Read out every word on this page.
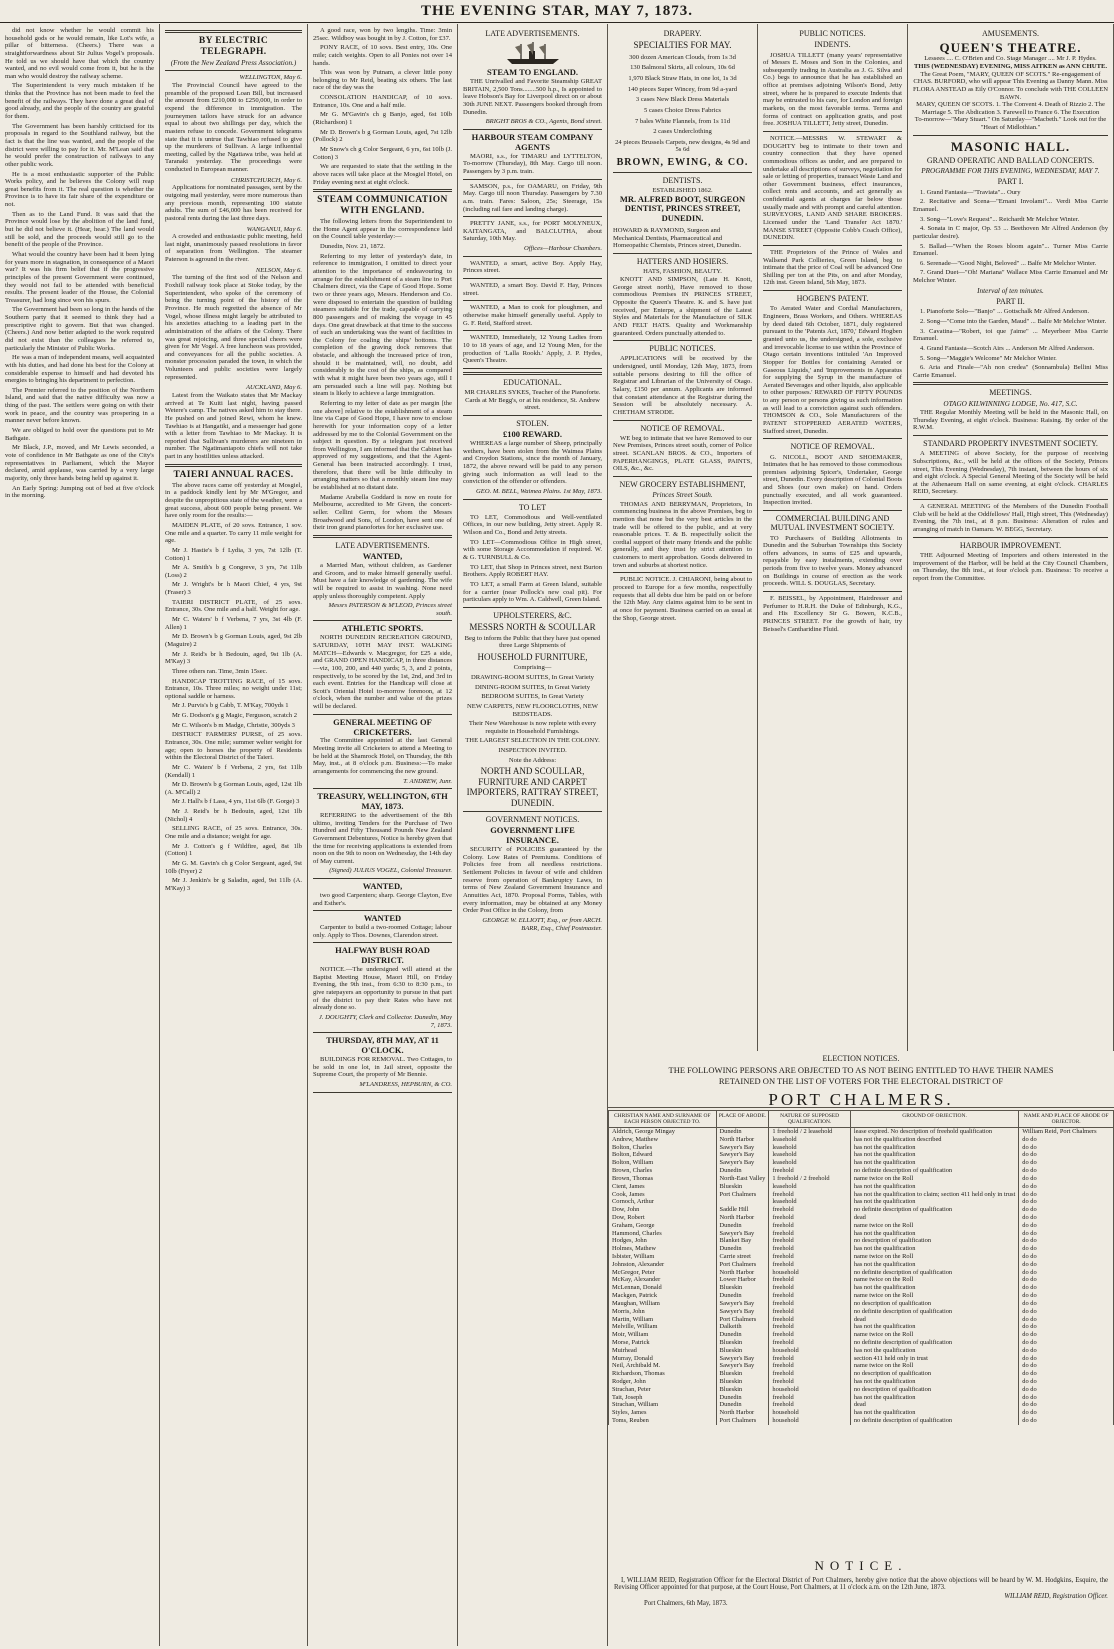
THE EVENING STAR, MAY 7, 1873.

did not know whether he would commit his household gods or he would remain, like Lot's wife, a pillar of bitterness. (Cheers.) There was a straightforwardness about Sir Julius Vogel's proposals. He told us we should have that which the country wanted, and no evil would come from it, but he is the man who would destroy the railway scheme.

The Superintendent is very much mistaken if he thinks that the Province has not been made to feel the benefit of the railways. They have done a great deal of good already, and the people of the country are grateful for them.

The Government has been harshly criticised for its proposals in regard to the Southland railway, but the fact is that the line was wanted, and the people of the district were willing to pay for it. Mr. M'Lean said that he would prefer the construction of railways to any other public work.

He is a most enthusiastic supporter of the Public Works policy, and he believes the Colony will reap great benefits from it. The real question is whether the Province is to have its fair share of the expenditure or not.

Then as to the Land Fund. It was said that the Province would lose by the abolition of the land fund, but he did not believe it. (Hear, hear.) The land would still be sold, and the proceeds would still go to the benefit of the people of the Province.

What would the country have been had it been lying for years more in stagnation, in consequence of a Maori war? It was his firm belief that if the progressive principles of the present Government were continued, they would not fail to be attended with beneficial results. The present leader of the House, the Colonial Treasurer, had long since won his spurs.

The Government had been so long in the hands of the Southern party that it seemed to think they had a prescriptive right to govern. But that was changed. (Cheers.) And now better adapted to the work required did not exist than the colleagues he referred to, particularly the Minister of Public Works.

He was a man of independent means, well acquainted with his duties, and had done his best for the Colony at considerable expense to himself and had devoted his energies to bringing his department to perfection.

The Premier referred to the position of the Northern Island, and said that the native difficulty was now a thing of the past. The settlers were going on with their work in peace, and the country was prospering in a manner never before known.

We are obliged to hold over the questions put to Mr Bathgate.

Mr Black, J.P., moved, and Mr Lewis seconded, a vote of confidence in Mr Bathgate as one of the City's representatives in Parliament, which the Mayor declared, amid applause, was carried by a very large majority, only three hands being held up against it.

An Early Spring: Jumping out of bed at five o'clock in the morning.

BY ELECTRIC TELEGRAPH.
(From the New Zealand Press Association.)
WELLINGTON, May 6.

The Provincial Council have agreed to the preamble of the proposed Loan Bill, but increased the amount from £210,000 to £250,000, in order to expend the difference in immigration. The journeymen tailors have struck for an advance equal to about two shillings per day, which the masters refuse to concede. Government telegrams state that it is untrue that Tawhiao refused to give up the murderers of Sullivan. A large influential meeting, called by the Ngatiawa tribe, was held at Taranaki yesterday. The proceedings were conducted in European manner.

CHRISTCHURCH, May 6.

Applications for nominated passages, sent by the outgoing mail yesterday, were more numerous than any previous month, representing 100 statute adults. The sum of £46,000 has been received for pastoral rents during the last three days.

WANGANUI, May 6.

A crowded and enthusiastic public meeting, held last night, unanimously passed resolutions in favor of separation from Wellington. The steamer Paterson is aground in the river.

NELSON, May 6.

The turning of the first sod of the Nelson and Foxhill railway took place at Stoke today, by the Superintendent, who spoke of the ceremony of being the turning point of the history of the Province. He much regretted the absence of Mr Vogel, whose illness might largely be attributed to his anxieties attaching to a leading part in the administration of the affairs of the Colony. There was great rejoicing, and three special cheers were given for Mr Vogel. A free luncheon was provided, and conveyances for all the public societies. A monster procession paraded the town, in which the Volunteers and public societies were largely represented.

AUCKLAND, May 6.

Latest from the Waikato states that Mr Mackay arrived at Te Kuiti last night, having passed Wetere's camp. The natives asked him to stay there. He pushed on and joined Rewi, whom he knew. Tawhiao is at Hangatiki, and a messenger had gone with a letter from Tawhiao to Mr Mackay. It is reported that Sullivan's murderers are nineteen in number. The Ngatimaniapoto chiefs will not take part in any hostilities unless attacked.

TAIERI ANNUAL RACES.

The above races came off yesterday at Mosgiel, in a paddock kindly lent by Mr M'Gregor, and despite the unpropitious state of the weather, were a great success, about 600 people being present. We have only room for the results:—

MAIDEN PLATE, of 20 sovs. Entrance, 1 sov. One mile and a quarter. To carry 11 mile weight for age.

Mr J. Hastie's b f Lydia, 3 yrs, 7st 12lb (T. Cotton) 1

Mr A. Smith's b g Congreve, 3 yrs, 7st 11lb (Loss) 2

Mr J. Wright's br h Maori Chief, 4 yrs, 9st (Fraser) 3

TAIERI DISTRICT PLATE, of 25 sovs. Entrance, 30s. One mile and a half. Weight for age.

Mr C. Waters' b f Verbena, 7 yrs, 3st 4lb (F. Allen) 1

Mr D. Brown's b g Gorman Louis, aged, 9st 2lb (Maguire) 2

Mr J. Reid's br h Bedouin, aged, 9st 1lb (A. M'Kay) 3

Three others ran. Time, 3min 15sec.

HANDICAP TROTTING RACE, of 15 sovs. Entrance, 10s. Three miles; no weight under 11st; optional saddle or harness.

Mr J. Purvis's b g Cabb, T. M'Kay, 700yds 1

Mr G. Dodson's g g Magic, Ferguson, scratch 2

Mr C. Wilson's b m Madge, Christie, 300yds 3

DISTRICT FARMERS' PURSE, of 25 sovs. Entrance, 30s. One mile; summer welter weight for age; open to horses the property of Residents within the Electoral District of the Taieri.

Mr C. Waters' b f Verbena, 2 yrs, 6st 11lb (Kendall) 1

Mr D. Brown's b g Gorman Louis, aged, 12st 1lb (A. M'Call) 2

Mr J. Hall's b f Lass, 4 yrs, 11st 6lb (F. Gorge) 3

Mr J. Reid's br h Bedouin, aged, 12st 1lb (Nichol) 4

SELLING RACE, of 25 sovs. Entrance, 30s. One mile and a distance; weight for age.

Mr J. Cotton's g f Wildfire, aged, 8st 1lb (Cotton) 1

Mr G. M. Gavin's ch g Color Sergeant, aged, 9st 10lb (Fryer) 2

Mr J. Jenkin's br g Saladin, aged, 9st 11lb (A. M'Kay) 3

A good race, won by two lengths. Time: 3min 25sec. Wildboy was bought in by J. Cotton, for £37.

PONY RACE, of 10 sovs. Best entry, 10s. One mile; catch weights. Open to all Ponies not over 14 hands.

This was won by Putnam, a clever little pony belonging to Mr Reid, beating six others. The last race of the day was the

CONSOLATION HANDICAP, of 10 sovs. Entrance, 10s. One and a half mile.

Mr G. M'Gavin's ch g Banjo, aged, 6st 10lb (Richardson) 1

Mr D. Brown's b g Gorman Louis, aged, 7st 12lb (Pollock) 2

Mr Snow's ch g Color Sergeant, 6 yrs, 6st 10lb (J. Cotton) 3

We are requested to state that the settling in the above races will take place at the Mosgiel Hotel, on Friday evening next at eight o'clock.

STEAM COMMUNICATION WITH ENGLAND.

The following letters from the Superintendent to the Home Agent appear in the correspondence laid on the Council table yesterday:—

Dunedin, Nov. 21, 1872.

Referring to my letter of yesterday's date, in reference to immigration, I omitted to direct your attention to the importance of endeavouring to arrange for the establishment of a steam line to Port Chalmers direct, via the Cape of Good Hope. Some two or three years ago, Messrs. Henderson and Co. were disposed to entertain the question of building steamers suitable for the trade, capable of carrying 800 passengers and of making the voyage in 45 days. One great drawback at that time to the success of such an undertaking was the want of facilities in the Colony for coaling the ships' bottoms. The completion of the graving dock removes that obstacle, and although the increased price of iron, should it be maintained, will, no doubt, add considerably to the cost of the ships, as compared with what it might have been two years ago, still I am persuaded such a line will pay. Nothing but steam is likely to achieve a large immigration.

Referring to my letter of date as per margin [the one above] relative to the establishment of a steam line via Cape of Good Hope, I have now to enclose herewith for your information copy of a letter addressed by me to the Colonial Government on the subject in question. By a telegram just received from Wellington, I am informed that the Cabinet has approved of my suggestions, and that the Agent-General has been instructed accordingly. I trust, therefore, that there will be little difficulty in arranging matters so that a monthly steam line may be established at no distant date.

Madame Arabella Goddard is now en route for Melbourne, accredited to Mr Given, the concert-seller. Cellini Germ, for whom the Messrs Broadwood and Sons, of London, have sent one of their iron grand pianofortes for her exclusive use.

LATE ADVERTISEMENTS.
WANTED,

a Married Man, without children, as Gardener and Groom, and to make himself generally useful. Must have a fair knowledge of gardening. The wife will be required to assist in washing. None need apply unless thoroughly competent. Apply

Messrs PATERSON & M'LEOD, Princes street south.
ATHLETIC SPORTS.

NORTH DUNEDIN RECREATION GROUND, SATURDAY, 10TH MAY INST. WALKING MATCH—Edwards v. Macgregor, for £25 a side, and GRAND OPEN HANDICAP, in three distances—viz, 100, 200, and 440 yards; 5, 3, and 2 points, respectively, to be scored by the 1st, 2nd, and 3rd in each event. Entries for the Handicap will close at Scott's Oriental Hotel to-morrow forenoon, at 12 o'clock, when the number and value of the prizes will be declared.

GENERAL MEETING OF CRICKETERS.

The Committee appointed at the last General Meeting invite all Cricketers to attend a Meeting to be held at the Shamrock Hotel, on Thursday, the 8th May, inst., at 8 o'clock p.m. Business:—To make arrangements for commencing the new ground.

T. ANDREW, Junr.
TREASURY, WELLINGTON, 6TH MAY, 1873.

REFERRING to the advertisement of the 8th ultimo, inviting Tenders for the Purchase of Two Hundred and Fifty Thousand Pounds New Zealand Government Debentures, Notice is hereby given that the time for receiving applications is extended from noon on the 9th to noon on Wednesday, the 14th day of May current.

(Signed) JULIUS VOGEL, Colonial Treasurer.
WANTED,

two good Carpenters; sharp. George Clayton, Eve and Esther's.

WANTED

Carpenter to build a two-roomed Cottage; labour only. Apply to Thos. Downes, Clarendon street.

HALFWAY BUSH ROAD DISTRICT.

NOTICE.—The undersigned will attend at the Baptist Meeting House, Maori Hill, on Friday Evening, the 9th inst., from 6:30 to 8:30 p.m., to give ratepayers an opportunity to pursue in that part of the district to pay their Rates who have not already done so.

J. DOUGHTY, Clerk and Collector. Dunedin, May 7, 1873.
THURSDAY, 8TH MAY, AT 11 O'CLOCK.

BUILDINGS FOR REMOVAL. Two Cottages, to be sold in one lot, in Jail street, opposite the Supreme Court, the property of Mr Bennie.

M'LANDRESS, HEPBURN, & CO.
LATE ADVERTISEMENTS.
STEAM TO ENGLAND.

THE Unrivalled and Favorite Steamship GREAT BRITAIN, 2,500 Tons........500 h.p., Is appointed to leave Hobson's Bay for Liverpool direct on or about 30th JUNE NEXT. Passengers booked through from Dunedin.

BRIGHT BROS & CO., Agents, Bond street.
HARBOUR STEAM COMPANY AGENTS

MAORI, s.s., for TIMARU and LYTTELTON, To-morrow (Thursday), 8th May. Cargo till noon. Passengers by 3 p.m. train.

SAMSON, p.s., for OAMARU, on Friday, 9th May. Cargo till noon Thursday. Passengers by 7.30 a.m. train. Fares: Saloon, 25s; Steerage, 15s (including rail fare and landing charge).

PRETTY JANE, s.s., for PORT MOLYNEUX, KAITANGATA, and BALCLUTHA, about Saturday, 10th May.

Offices—Harbour Chambers.

WANTED, a smart, active Boy. Apply Hay, Princes street.

WANTED, a smart Boy. David F. Hay, Princes street.

WANTED, a Man to cook for ploughmen, and otherwise make himself generally useful. Apply to G. F. Reid, Stafford street.

WANTED, Immediately, 12 Young Ladies from 10 to 18 years of age, and 12 Young Men, for the production of 'Lalla Rookh.' Apply, J. P. Hydes, Queen's Theatre.

EDUCATIONAL.
MR CHARLES SYKES, Teacher of the Pianoforte. Cards at Mr Begg's, or at his residence, St. Andrew street.
STOLEN.
£100 REWARD.

WHEREAS a large number of Sheep, principally wethers, have been stolen from the Waimea Plains and Croydon Stations, since the month of January, 1872, the above reward will be paid to any person giving such information as will lead to the conviction of the offender or offenders.

GEO. M. BELL, Waimea Plains. 1st May, 1873.
TO LET

TO LET, Commodious and Well-ventilated Offices, in our new building, Jetty street. Apply R. Wilson and Co., Bond and Jetty streets.

TO LET—Commodious Office in High street, with some Storage Accommodation if required. W. & G. TURNBULL & Co.

TO LET, that Shop in Princes street, next Burton Brothers. Apply ROBERT HAY.

TO LET, a small Farm at Green Island, suitable for a carrier (near Pollock's new coal pit). For particulars apply to Wm. A. Caldwell, Green Island.

UPHOLSTERERS, &C.
MESSRS NORTH & SCOULLAR
Beg to inform the Public that they have just opened three Large Shipments of
HOUSEHOLD FURNITURE,
Comprising—
DRAWING-ROOM SUITES, In Great Variety
DINING-ROOM SUITES, In Great Variety
BEDROOM SUITES, In Great Variety
NEW CARPETS, NEW FLOORCLOTHS, NEW BEDSTEADS.
Their New Warehouse is now replete with every requisite in Household Furnishings.
THE LARGEST SELECTION IN THE COLONY.
INSPECTION INVITED.
Note the Address:
NORTH AND SCOULLAR, FURNITURE AND CARPET IMPORTERS, RATTRAY STREET, DUNEDIN.
GOVERNMENT NOTICES.
GOVERNMENT LIFE INSURANCE.

SECURITY of POLICIES guaranteed by the Colony. Low Rates of Premiums. Conditions of Policies free from all needless restrictions. Settlement Policies in favour of wife and children reserve from operation of Bankruptcy Laws, in terms of New Zealand Government Insurance and Annuities Act, 1870. Proposal Forms, Tables, with every information, may be obtained at any Money Order Post Office in the Colony, from

GEORGE W. ELLIOTT, Esq., or from ARCH. BARR, Esq., Chief Postmaster.
DRAPERY.
SPECIALTIES FOR MAY.
300 dozen American Clouds, from 1s 3d
130 Balmoral Skirts, all colours, 10s 6d
1,970 Black Straw Hats, in one lot, 1s 3d
140 pieces Super Wincey, from 9d a-yard
3 cases New Black Dress Materials
5 cases Choice Dress Fabrics
7 bales White Flannels, from 1s 11d
2 cases Underclothing
24 pieces Brussels Carpets, new designs, 4s 9d and 5s 6d
BROWN, EWING, & CO.
DENTISTS.
ESTABLISHED 1862.
MR. ALFRED BOOT, SURGEON DENTIST, PRINCES STREET, DUNEDIN.
HOWARD & RAYMOND, Surgeon and Mechanical Dentists, Pharmaceutical and Homeopathic Chemists, Princes street, Dunedin.
HATTERS AND HOSIERS.
HATS, FASHION, BEAUTY.

KNOTT AND SIMPSON, (Late H. Knott, George street north), Have removed to those commodious Premises IN PRINCES STREET, Opposite the Queen's Theatre. K. and S. have just received, per Enterpe, a shipment of the Latest Styles and Materials for the Manufacture of SILK AND FELT HATS. Quality and Workmanship guaranteed. Orders punctually attended to.

PUBLIC NOTICES.

APPLICATIONS will be received by the undersigned, until Monday, 12th May, 1873, from suitable persons desiring to fill the office of Registrar and Librarian of the University of Otago. Salary, £150 per annum. Applicants are informed that constant attendance at the Registrar during the Session will be absolutely necessary. A. CHETHAM STRODE.

NOTICE OF REMOVAL.

WE beg to intimate that we have Removed to our New Premises, Princes street south, corner of Police street. SCANLAN BROS. & CO., Importers of PAPERHANGINGS, PLATE GLASS, PAINTS, OILS, &c., &c.

NEW GROCERY ESTABLISHMENT,
Princes Street South.

THOMAS AND BERRYMAN, Proprietors, In commencing business in the above Premises, beg to mention that none but the very best articles in the trade will be offered to the public, and at very reasonable prices. T. & B. respectfully solicit the cordial support of their many friends and the public generally, and they trust by strict attention to customers to merit approbation. Goods delivered in town and suburbs at shortest notice.

PUBLIC NOTICE. J. CHIARONI, being about to proceed to Europe for a few months, respectfully requests that all debts due him be paid on or before the 12th May. Any claims against him to be sent in at once for payment. Business carried on as usual at the Shop, George street.

PUBLIC NOTICES.
INDENTS.

JOSHUA TILLETT (many years' representative of Messrs E. Moses and Son in the Colonies, and subsequently trading in Australia as J. G. Silva and Co.) begs to announce that he has established an office at premises adjoining Wilson's Bond, Jetty street, where he is prepared to execute Indents that may be entrusted to his care, for London and foreign markets, on the most favorable terms. Terms and forms of contract on application gratis, and post free. JOSHUA TILLETT, Jetty street, Dunedin.

NOTICE.—MESSRS W. STEWART & DOUGHTY beg to intimate to their town and country connection that they have opened commodious offices as under, and are prepared to undertake all descriptions of surveys, negotiation for sale or letting of properties, transact Waste Land and other Government business, effect insurances, collect rents and accounts, and act generally as confidential agents at charges far below those usually made and with prompt and careful attention. SURVEYORS, LAND AND SHARE BROKERS. Licensed under the 'Land Transfer Act 1870.' MANSE STREET (Opposite Cobb's Coach Office), DUNEDIN.

THE Proprietors of the Prince of Wales and Wallsend Park Collieries, Green Island, beg to intimate that the price of Coal will be advanced One Shilling per ton at the Pits, on and after Monday, 12th inst. Green Island, 5th May, 1873.

HOGBEN'S PATENT.

To Aerated Water and Cordial Manufacturers, Engineers, Brass Workers, and Others. WHEREAS by deed dated 6th October, 1871, duly registered pursuant to the 'Patents Act, 1870,' Edward Hogben granted unto us, the undersigned, a sole, exclusive and irrevocable license to use within the Province of Otago certain inventions intituled 'An Improved Stopper for Bottles for containing Aerated or Gaseous Liquids,' and 'Improvements in Apparatus for supplying the Syrup in the manufacture of Aerated Beverages and other liquids, also applicable to other purposes.' REWARD OF FIFTY POUNDS to any person or persons giving us such information as will lead to a conviction against such offenders. THOMSON & CO., Sole Manufacturers of the PATENT STOPPERED AERATED WATERS, Stafford street, Dunedin.

NOTICE OF REMOVAL.

G. NICOLL, BOOT AND SHOEMAKER, Intimates that he has removed to those commodious premises adjoining Spicer's, Undertaker, George street, Dunedin. Every description of Colonial Boots and Shoes (our own make) on hand. Orders punctually executed, and all work guaranteed. Inspection invited.

COMMERCIAL BUILDING AND MUTUAL INVESTMENT SOCIETY.

TO Purchasers of Building Allotments in Dunedin and the Suburban Townships this Society offers advances, in sums of £25 and upwards, repayable by easy instalments, extending over periods from five to twelve years. Money advanced on Buildings in course of erection as the work proceeds. WILL S. DOUGLAS, Secretary.

F. BEISSEL, by Appointment, Hairdresser and Perfumer to H.R.H. the Duke of Edinburgh, K.G., and His Excellency Sir G. Bowen, K.C.B., PRINCES STREET. For the growth of hair, try Beissel's Cantharidine Fluid.

AMUSEMENTS.
QUEEN'S THEATRE.
Lessees .... C. O'Brien and Co. Stage Manager .... Mr J. P. Hydes.
THIS (WEDNESDAY) EVENING, MISS AITKEN as ANN CHUTE.
The Great Poem, "MARY, QUEEN OF SCOTS." Re-engagement of CHAS. BURFORD, who will appear This Evening as Danny Mann. Miss FLORA ANSTEAD as Eily O'Connor. To conclude with THE COLLEEN BAWN.
MARY, QUEEN OF SCOTS. 1. The Convent 4. Death of Rizzio 2. The Marriage 5. The Abdication 3. Farewell to France 6. The Execution
To-morrow—"Mary Stuart." On Saturday—"Macbeth." Look out for the "Heart of Midlothian."
MASONIC HALL.
GRAND OPERATIC AND BALLAD CONCERTS.
PROGRAMME FOR THIS EVENING, WEDNESDAY, MAY 7.
PART I.

1. Grand Fantasia—"Traviata"... Oury

2. Recitative and Scena—"Ernani Involami"... Verdi Miss Carrie Emanuel.

3. Song—"Love's Request"... Reichardt Mr Melchor Winter.

4. Sonata in C major, Op. 53 ... Beethoven Mr Alfred Anderson (by particular desire).

5. Ballad—"When the Roses bloom again"... Turner Miss Carrie Emanuel.

6. Serenade—"Good Night, Beloved" ... Balfe Mr Melchor Winter.

7. Grand Duet—"Oh! Mariana" Wallace Miss Carrie Emanuel and Mr Melchor Winter.

Interval of ten minutes.
PART II.

1. Pianoforte Solo—"Banjo" ... Gottschalk Mr Alfred Anderson.

2. Song—"Come into the Garden, Maud" ... Balfe Mr Melchor Winter.

3. Cavatina—"Robert, toi que j'aime" ... Meyerbeer Miss Carrie Emanuel.

4. Grand Fantasia—Scotch Airs ... Anderson Mr Alfred Anderson.

5. Song—"Maggie's Welcome" Mr Melchor Winter.

6. Aria and Finale—"Ah non credea" (Sonnambula) Bellini Miss Carrie Emanuel.

MEETINGS.
OTAGO KILWINNING LODGE, No. 417, S.C.

THE Regular Monthly Meeting will be held in the Masonic Hall, on Thursday Evening, at eight o'clock. Business: Raising. By order of the R.W.M.

STANDARD PROPERTY INVESTMENT SOCIETY.

A MEETING of above Society, for the purpose of receiving Subscriptions, &c., will be held at the offices of the Society, Princes street, This Evening (Wednesday), 7th instant, between the hours of six and eight o'clock. A Special General Meeting of the Society will be held at the Athenaeum Hall on same evening, at eight o'clock. CHARLES REID, Secretary.

A GENERAL MEETING of the Members of the Dunedin Football Club will be held at the Oddfellows' Hall, High street, This (Wednesday) Evening, the 7th inst., at 8 p.m. Business: Alteration of rules and arranging of match in Oamaru. W. BEGG, Secretary.

HARBOUR IMPROVEMENT.

THE Adjourned Meeting of Importers and others interested in the improvement of the Harbor, will be held at the City Council Chambers, on Thursday, the 8th inst., at four o'clock p.m. Business: To receive a report from the Committee.

ELECTION NOTICES.
THE FOLLOWING PERSONS ARE OBJECTED TO AS NOT BEING ENTITLED TO HAVE THEIR NAMES
RETAINED ON THE LIST OF VOTERS FOR THE ELECTORAL DISTRICT OF
PORT CHALMERS.
CHRISTIAN NAME AND SURNAME OF EACH PERSON OBJECTED TO.	PLACE OF ABODE.	NATURE OF SUPPOSED QUALIFICATION.	GROUND OF OBJECTION.	NAME AND PLACE OF ABODE OF OBJECTOR.
Aldrich, George Mingay	Dunedin	1 freehold / 2 leasehold	lease expired. No description of freehold qualification	William Reid, Port Chalmers
Andrew, Matthew	North Harbor	leasehold	has not the qualification described	do do
Bolton, Charles	Sawyer's Bay	leasehold	has not the qualification	do do
Bolton, Edward	Sawyer's Bay	leasehold	has not the qualification	do do
Bolton, William	Sawyer's Bay	leasehold	has not the qualification	do do
Brown, Charles	Dunedin	freehold	no definite description of qualification	do do
Brown, Thomas	North-East Valley	1 freehold / 2 freehold	name twice on the Roll	do do
Cient, James	Blueskin	leasehold	has not the qualification	do do
Cook, James	Port Chalmers	freehold	has not the qualification to claim; section 411 held only in trust	do do
Cornoch, Arthur		leasehold	has not the qualification	do do
Dow, John	Saddle Hill	freehold	no definite description of qualification	do do
Dow, Robert	North Harbor	freehold	dead	do do
Graham, George	Dunedin	freehold	name twice on the Roll	do do
Hammond, Charles	Sawyer's Bay	freehold	has not the qualification	do do
Hodges, John	Blanket Bay	freehold	no description of qualification	do do
Holmes, Mathew	Dunedin	freehold	has not the qualification	do do
Isbister, William	Carrie street	freehold	name twice on the Roll	do do
Johnston, Alexander	Port Chalmers	freehold	has not the qualification	do do
McGregor, Peter	North Harbor	household	no definite description of qualification	do do
McKay, Alexander	Lower Harbor	freehold	name twice on the Roll	do do
McLennan, Donald	Blueskin	freehold	has not the qualification	do do
Mackgen, Patrick	Dunedin	freehold	name twice on the Roll	do do
Maughan, William	Sawyer's Bay	freehold	no description of qualification	do do
Morris, John	Sawyer's Bay	freehold	no definite description of qualification	do do
Martin, William	Port Chalmers	freehold	dead	do do
Melville, William	Dalkeith	freehold	has not the qualification	do do
Moir, William	Dunedin	freehold	name twice on the Roll	do do
Morse, Patrick	Blueskin	freehold	no definite description of qualification	do do
Muirhead	Blueskin	household	has not the qualification	do do
Murray, Donald	Sawyer's Bay	freehold	section 411 held only in trust	do do
Neil, Archibald M.	Sawyer's Bay	freehold	name twice on the Roll	do do
Richardson, Thomas	Blueskin	freehold	no description of qualification	do do
Rodger, John	Blueskin	freehold	has not the qualification	do do
Strachan, Peter	Blueskin	household	no description of qualification	do do
Tait, Joseph	Dunedin	freehold	has not the qualification	do do
Strachan, William	Dunedin	freehold	dead	do do
Styles, James	North Harbor	household	has not the qualification	do do
Toms, Reuben	Port Chalmers	household	no definite description of qualification	do do
NOTICE.

I, WILLIAM REID, Registration Officer for the Electoral District of Port Chalmers, hereby give notice that the above objections will be heard by W. M. Hodgkins, Esquire, the Revising Officer appointed for that purpose, at the Court House, Port Chalmers, at 11 o'clock a.m. on the 12th June, 1873.

WILLIAM REID, Registration Officer.
Port Chalmers, 6th May, 1873.
